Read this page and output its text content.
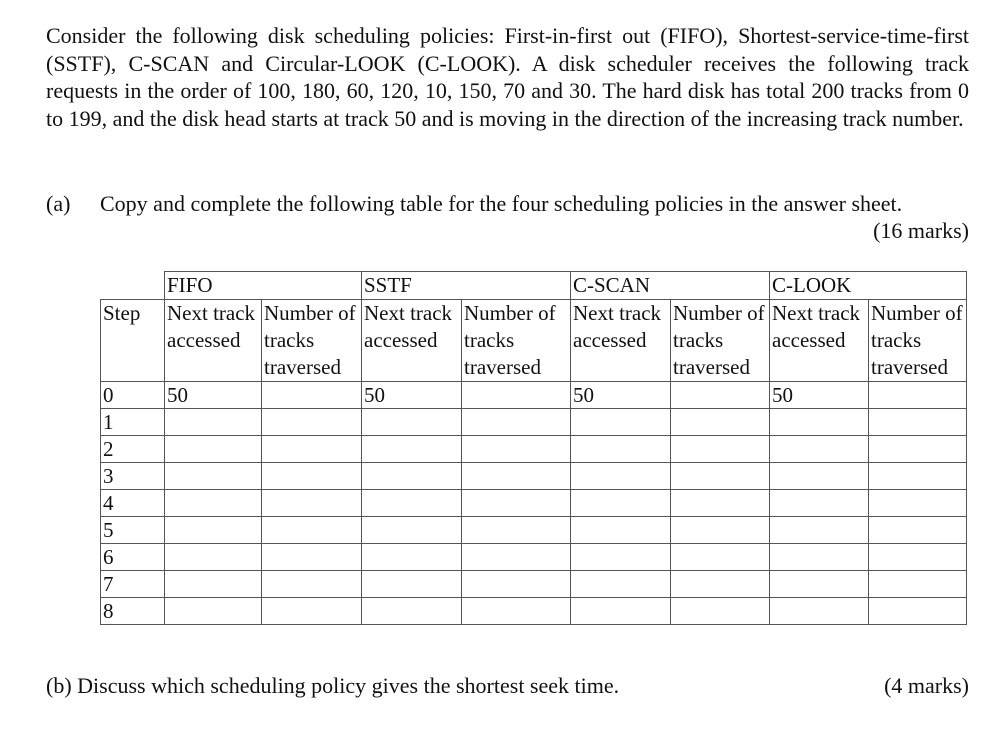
Consider the following disk scheduling policies: First-in-first out (FIFO), Shortest-service-time-first (SSTF), C-SCAN and Circular-LOOK (C-LOOK). A disk scheduler receives the following track requests in the order of 100, 180, 60, 120, 10, 150, 70 and 30. The hard disk has total 200 tracks from 0 to 199, and the disk head starts at track 50 and is moving in the direction of the increasing track number.

(a) Copy and complete the following table for the four scheduling policies in the answer sheet.
(16 marks)
	FIFO		SSTF		C-SCAN		C-LOOK	
Step	Next track accessed	Number of tracks traversed	Next track accessed	Number of tracks traversed	Next track accessed	Number of tracks traversed	Next track accessed	Number of tracks traversed
0	50		50		50		50	
1								
2								
3								
4								
5								
6								
7								
8								
(b) Discuss which scheduling policy gives the shortest seek time.	(4 marks)
